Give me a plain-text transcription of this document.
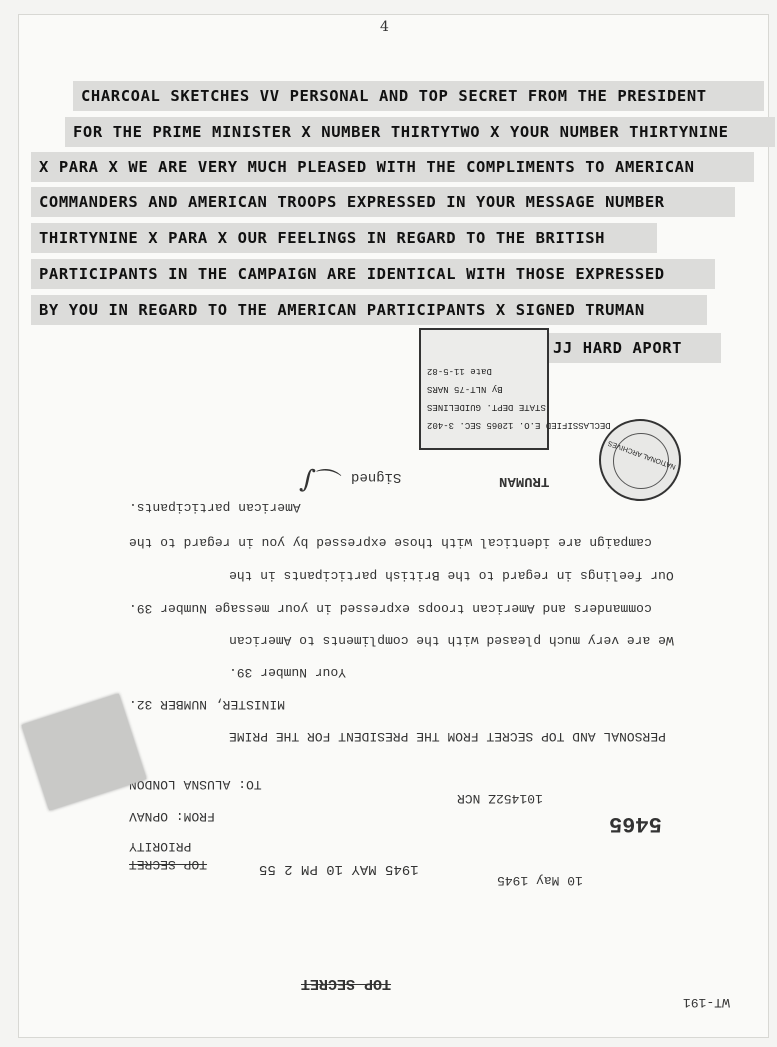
4
CHARCOAL SKETCHES VV PERSONAL AND TOP SECRET FROM THE PRESIDENT
FOR THE PRIME MINISTER X NUMBER THIRTYTWO X YOUR NUMBER THIRTYNINE
X PARA X WE ARE VERY MUCH PLEASED WITH THE COMPLIMENTS TO AMERICAN
COMMANDERS AND AMERICAN TROOPS EXPRESSED IN YOUR MESSAGE NUMBER
THIRTYNINE X PARA X OUR FEELINGS IN REGARD TO THE BRITISH
PARTICIPANTS IN THE CAMPAIGN ARE IDENTICAL WITH THOSE EXPRESSED
BY YOU IN REGARD TO THE AMERICAN PARTICIPANTS X SIGNED TRUMAN
JJ HARD APORT
DECLASSIFIED E.O. 12065 SEC. 3-402
STATE DEPT. GUIDELINES
By NLT-75 NARS
Date 11-5-82
NATIONAL ARCHIVES
TRUMAN
Signed
∫⌒
American participants.
campaign are identical with those expressed by you in regard to the
Our feelings in regard to the British participants in the
commanders and American troops expressed in your message Number 39.
We are very much pleased with the compliments to American
Your Number 39.
MINISTER, NUMBER 32.
PERSONAL AND TOP SECRET FROM THE PRESIDENT FOR THE PRIME
TO: ALUSNA LONDON
101452Z NCR
FROM: OPNAV	5465
PRIORITY
TOP SECRET	1945 MAY 10 PM 2 55
10 May 1945
TOP SECRET
WT-191
